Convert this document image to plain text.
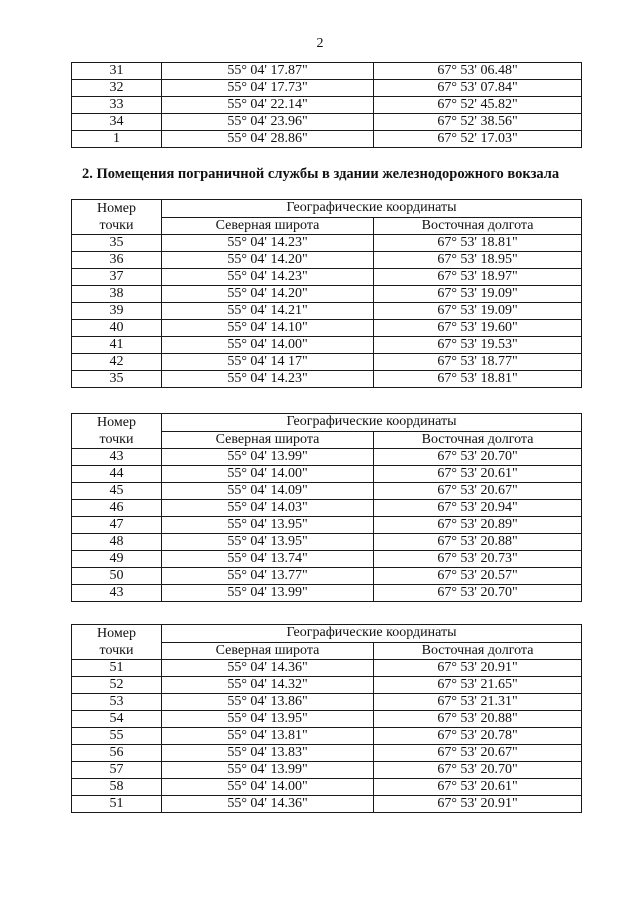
2
31	55° 04' 17.87"	67° 53' 06.48"
32	55° 04' 17.73"	67° 53' 07.84"
33	55° 04' 22.14"	67° 52' 45.82"
34	55° 04' 23.96"	67° 52' 38.56"
1	55° 04' 28.86"	67° 52' 17.03"
2. Помещения пограничной службы в здании железнодорожного вокзала
Номер
точки	Географические координаты	
	Северная широта	Восточная долгота
35	55° 04' 14.23"	67° 53' 18.81"
36	55° 04' 14.20"	67° 53' 18.95"
37	55° 04' 14.23"	67° 53' 18.97"
38	55° 04' 14.20"	67° 53' 19.09"
39	55° 04' 14.21"	67° 53' 19.09"
40	55° 04' 14.10"	67° 53' 19.60"
41	55° 04' 14.00"	67° 53' 19.53"
42	55° 04' 14 17"	67° 53' 18.77"
35	55° 04' 14.23"	67° 53' 18.81"
Номер
точки	Географические координаты	
	Северная широта	Восточная долгота
43	55° 04' 13.99"	67° 53' 20.70"
44	55° 04' 14.00"	67° 53' 20.61"
45	55° 04' 14.09"	67° 53' 20.67"
46	55° 04' 14.03"	67° 53' 20.94"
47	55° 04' 13.95"	67° 53' 20.89"
48	55° 04' 13.95"	67° 53' 20.88"
49	55° 04' 13.74"	67° 53' 20.73"
50	55° 04' 13.77"	67° 53' 20.57"
43	55° 04' 13.99"	67° 53' 20.70"
Номер
точки	Географические координаты	
	Северная широта	Восточная долгота
51	55° 04' 14.36"	67° 53' 20.91"
52	55° 04' 14.32"	67° 53' 21.65"
53	55° 04' 13.86"	67° 53' 21.31"
54	55° 04' 13.95"	67° 53' 20.88"
55	55° 04' 13.81"	67° 53' 20.78"
56	55° 04' 13.83"	67° 53' 20.67"
57	55° 04' 13.99"	67° 53' 20.70"
58	55° 04' 14.00"	67° 53' 20.61"
51	55° 04' 14.36"	67° 53' 20.91"
